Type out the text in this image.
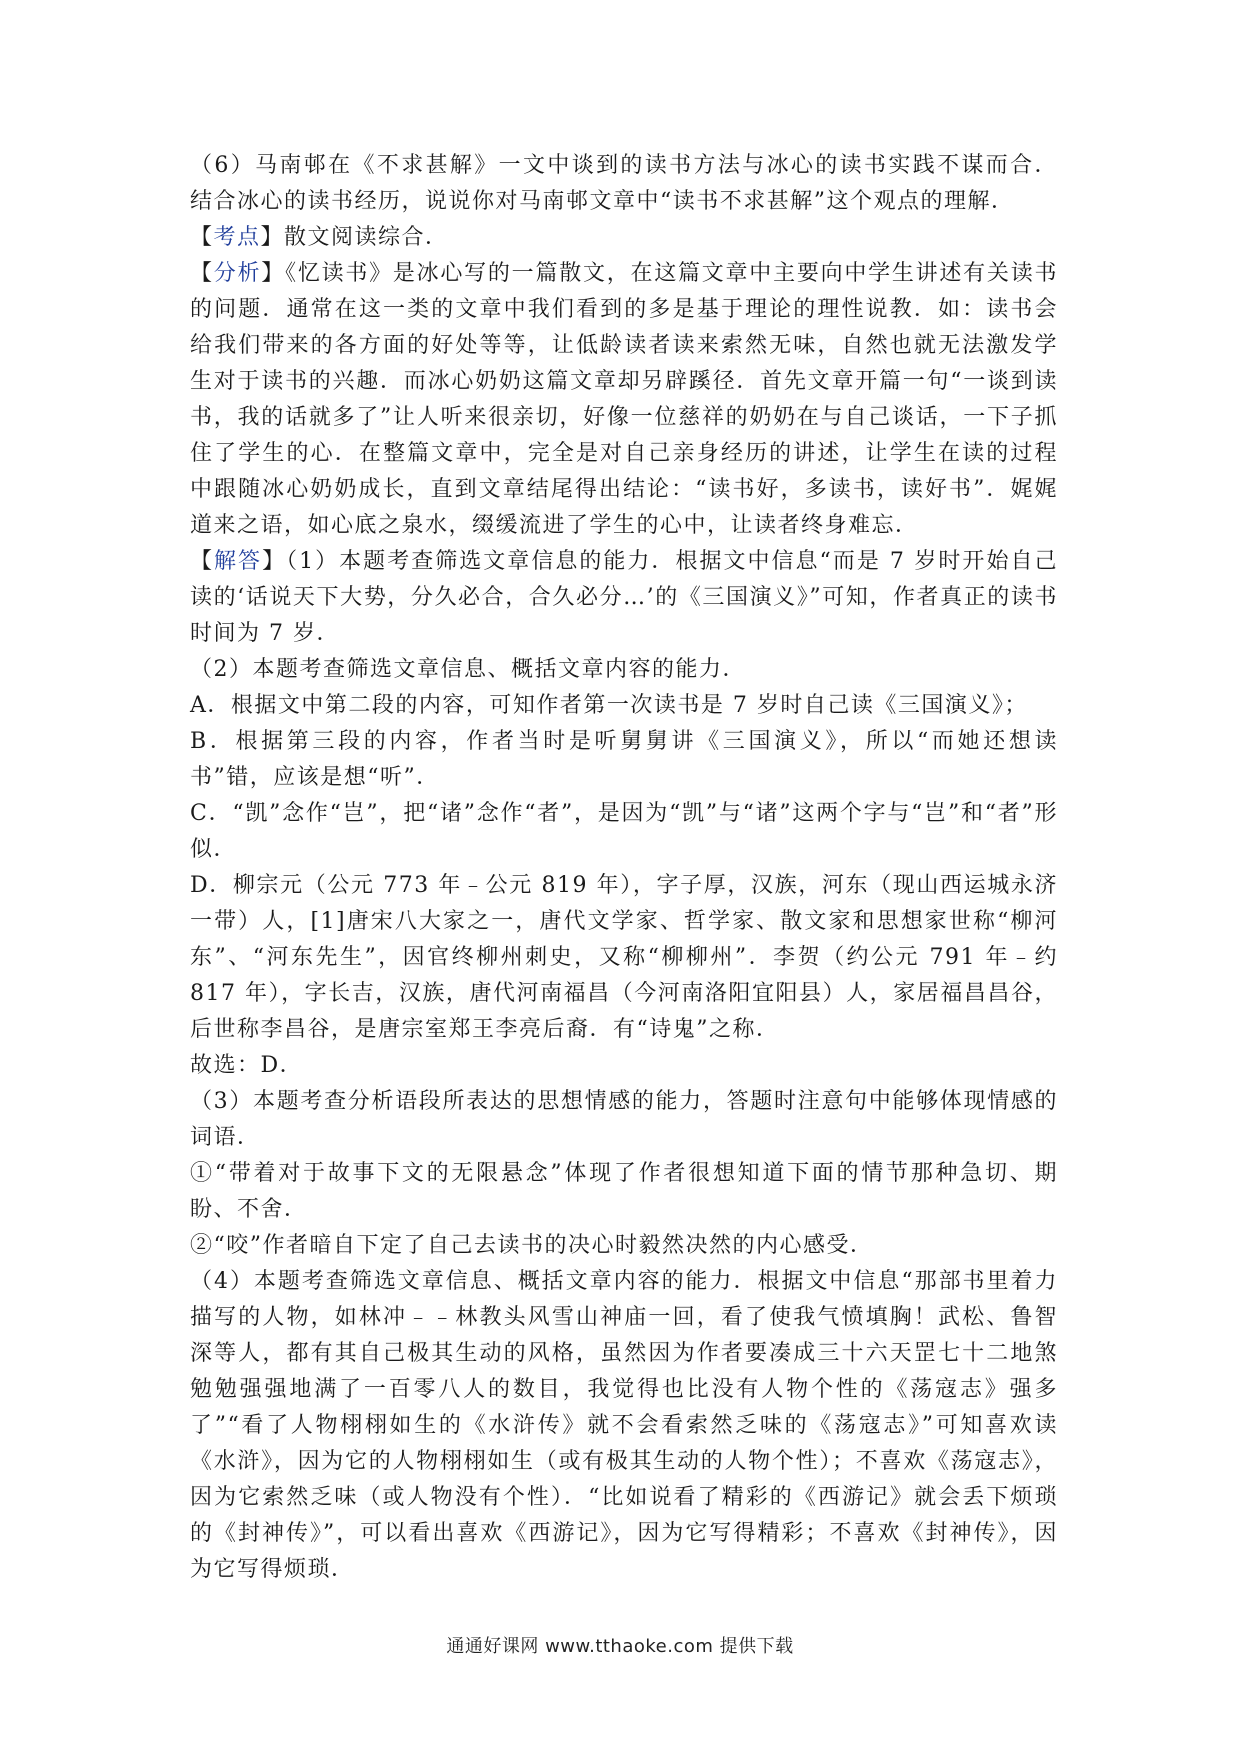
（6）马南邨在《不求甚解》一文中谈到的读书方法与冰心的读书实践不谋而合． 结合冰心的读书经历，说说你对马南邨文章中“读书不求甚解”这个观点的理解．

【考点】散文阅读综合．

【分析】《忆读书》是冰心写的一篇散文，在这篇文章中主要向中学生讲述有关读书的问题．通常在这一类的文章中我们看到的多是基于理论的理性说教．如：读书会给我们带来的各方面的好处等等，让低龄读者读来索然无味，自然也就无法激发学生对于读书的兴趣．而冰心奶奶这篇文章却另辟蹊径．首先文章开篇一句“一谈到读书，我的话就多了”让人听来很亲切，好像一位慈祥的奶奶在与自己谈话，一下子抓住了学生的心．在整篇文章中，完全是对自己亲身经历的讲述，让学生在读的过程中跟随冰心奶奶成长，直到文章结尾得出结论：“读书好，多读书，读好书”．娓娓道来之语，如心底之泉水，缀缓流进了学生的心中，让读者终身难忘．

【解答】（1）本题考查筛选文章信息的能力．根据文中信息“而是 7 岁时开始自己读的‘话说天下大势，分久必合，合久必分…’的《三国演义》”可知，作者真正的读书时间为 7 岁．

（2）本题考查筛选文章信息、概括文章内容的能力．

A．根据文中第二段的内容，可知作者第一次读书是 7 岁时自己读《三国演义》；

B．根据第三段的内容，作者当时是听舅舅讲《三国演义》，所以“而她还想读书”错，应该是想“听”．

C．“凯”念作“岂”，把“诸”念作“者”，是因为“凯”与“诸”这两个字与“岂”和“者”形似．

D．柳宗元（公元 773 年﹣公元 819 年），字子厚，汉族，河东（现山西运城永济一带）人，[1]唐宋八大家之一，唐代文学家、哲学家、散文家和思想家世称“柳河东”、“河东先生”，因官终柳州刺史，又称“柳柳州”．李贺（约公元 791 年﹣约 817 年），字长吉，汉族，唐代河南福昌（今河南洛阳宜阳县）人，家居福昌昌谷，后世称李昌谷，是唐宗室郑王李亮后裔．有“诗鬼”之称．

故选：D．

（3）本题考查分析语段所表达的思想情感的能力，答题时注意句中能够体现情感的词语．

①“带着对于故事下文的无限悬念”体现了作者很想知道下面的情节那种急切、期盼、不舍．

②“咬”作者暗自下定了自己去读书的决心时毅然决然的内心感受．

（4）本题考查筛选文章信息、概括文章内容的能力．根据文中信息“那部书里着力描写的人物，如林冲﹣﹣林教头风雪山神庙一回，看了使我气愤填胸！武松、鲁智深等人，都有其自己极其生动的风格，虽然因为作者要凑成三十六天罡七十二地煞勉勉强强地满了一百零八人的数目，我觉得也比没有人物个性的《荡寇志》强多了”“看了人物栩栩如生的《水浒传》就不会看索然乏味的《荡寇志》”可知喜欢读《水浒》，因为它的人物栩栩如生（或有极其生动的人物个性）；不喜欢《荡寇志》，因为它索然乏味（或人物没有个性）．“比如说看了精彩的《西游记》就会丢下烦琐的《封神传》”，可以看出喜欢《西游记》，因为它写得精彩；不喜欢《封神传》，因为它写得烦琐．

通通好课网 www.tthaoke.com 提供下载
